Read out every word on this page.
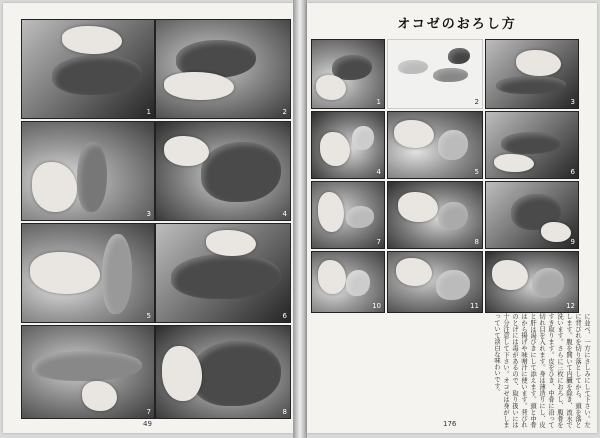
1	2
3	4
5	6
7	8
49
オコゼのおろし方
1	2	3
4	5	6
7	8	9
10	11	12
に並べ、一方にさしみにして下さい。左に背びれを切り落としてから、頭を落とします。腹を開いて内臓を除き、流水で洗います。さらに三枚におろし、腹骨をすき取ります。皮をひき、中骨に沿って切れ目を入れます。身は薄造りにし、皮と肝は湯びきにして添えます。頭と中骨はから揚げや味噌汁に使います。背びれのとげには毒があるので、取り扱いには十分注意して下さい。オコゼは身がしまっていて淡白な味わいです。
176
